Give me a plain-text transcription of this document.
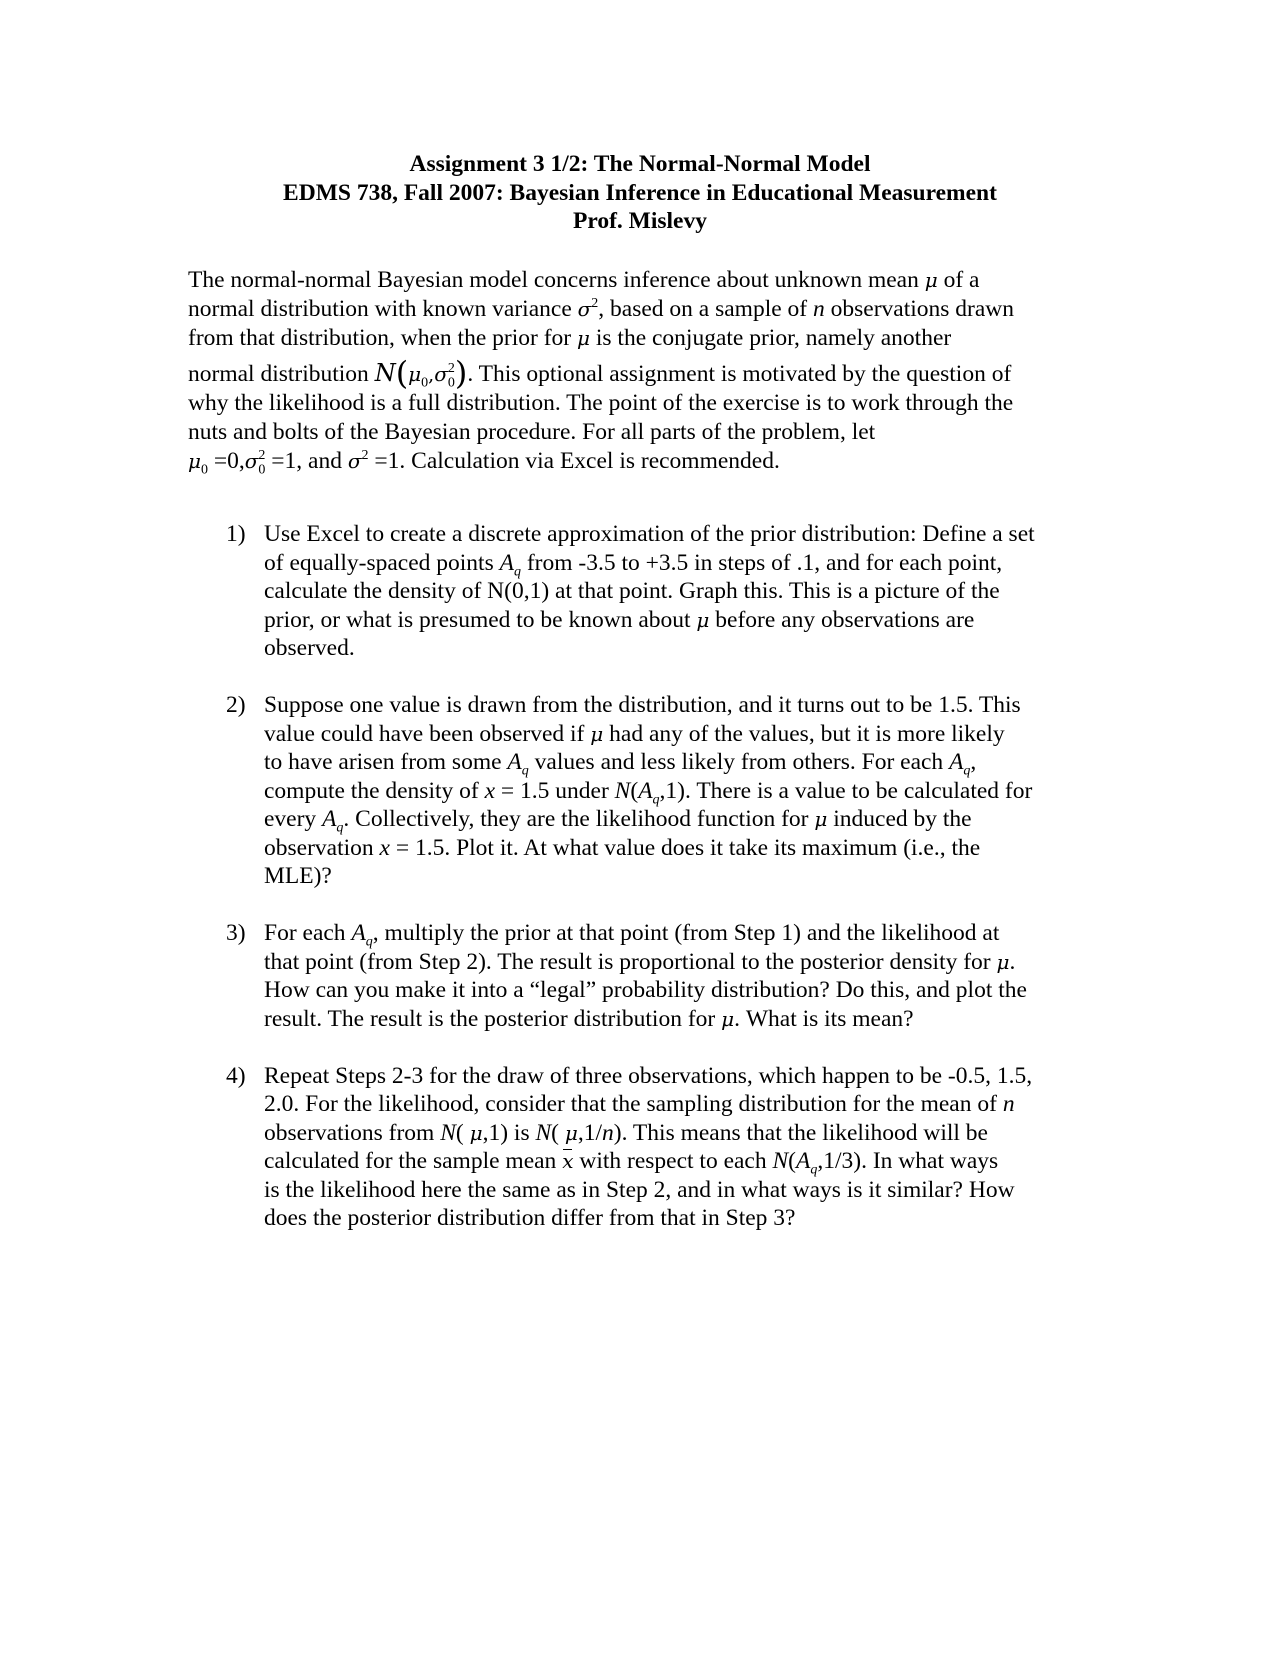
Assignment 3 1/2: The Normal-Normal Model
EDMS 738, Fall 2007: Bayesian Inference in Educational Measurement
Prof. Mislevy
The normal-normal Bayesian model concerns inference about unknown mean μ of a
normal distribution with known variance $\sigma^2$, based on a sample of n observations drawn
from that distribution, when the prior for μ is the conjugate prior, namely another
normal distribution $N(\mu_0,\sigma_0^2)$. This optional assignment is motivated by the question of
why the likelihood is a full distribution. The point of the exercise is to work through the
nuts and bolts of the Bayesian procedure. For all parts of the problem, let
$\mu_0 =0,\sigma_0^2 =1$, and $\sigma^2 =1$. Calculation via Excel is recommended.
1) Use Excel to create a discrete approximation of the prior distribution: Define a set
of equally-spaced points $A_q$ from -3.5 to +3.5 in steps of .1, and for each point,
calculate the density of N(0,1) at that point. Graph this. This is a picture of the
prior, or what is presumed to be known about μ before any observations are
observed.
2) Suppose one value is drawn from the distribution, and it turns out to be 1.5. This
value could have been observed if μ had any of the values, but it is more likely
to have arisen from some $A_q$ values and less likely from others. For each $A_q$,
compute the density of x = 1.5 under $N(A_q,1)$. There is a value to be calculated for
every $A_q$. Collectively, they are the likelihood function for μ induced by the
observation x = 1.5. Plot it. At what value does it take its maximum (i.e., the
MLE)?
3) For each $A_q$, multiply the prior at that point (from Step 1) and the likelihood at
that point (from Step 2). The result is proportional to the posterior density for μ.
How can you make it into a “legal” probability distribution? Do this, and plot the
result. The result is the posterior distribution for μ. What is its mean?
4) Repeat Steps 2-3 for the draw of three observations, which happen to be -0.5, 1.5,
2.0. For the likelihood, consider that the sampling distribution for the mean of n
observations from N( μ,1) is N( μ,1/n). This means that the likelihood will be
calculated for the sample mean x with respect to each $N(A_q,1/3)$. In what ways
is the likelihood here the same as in Step 2, and in what ways is it similar? How
does the posterior distribution differ from that in Step 3?
